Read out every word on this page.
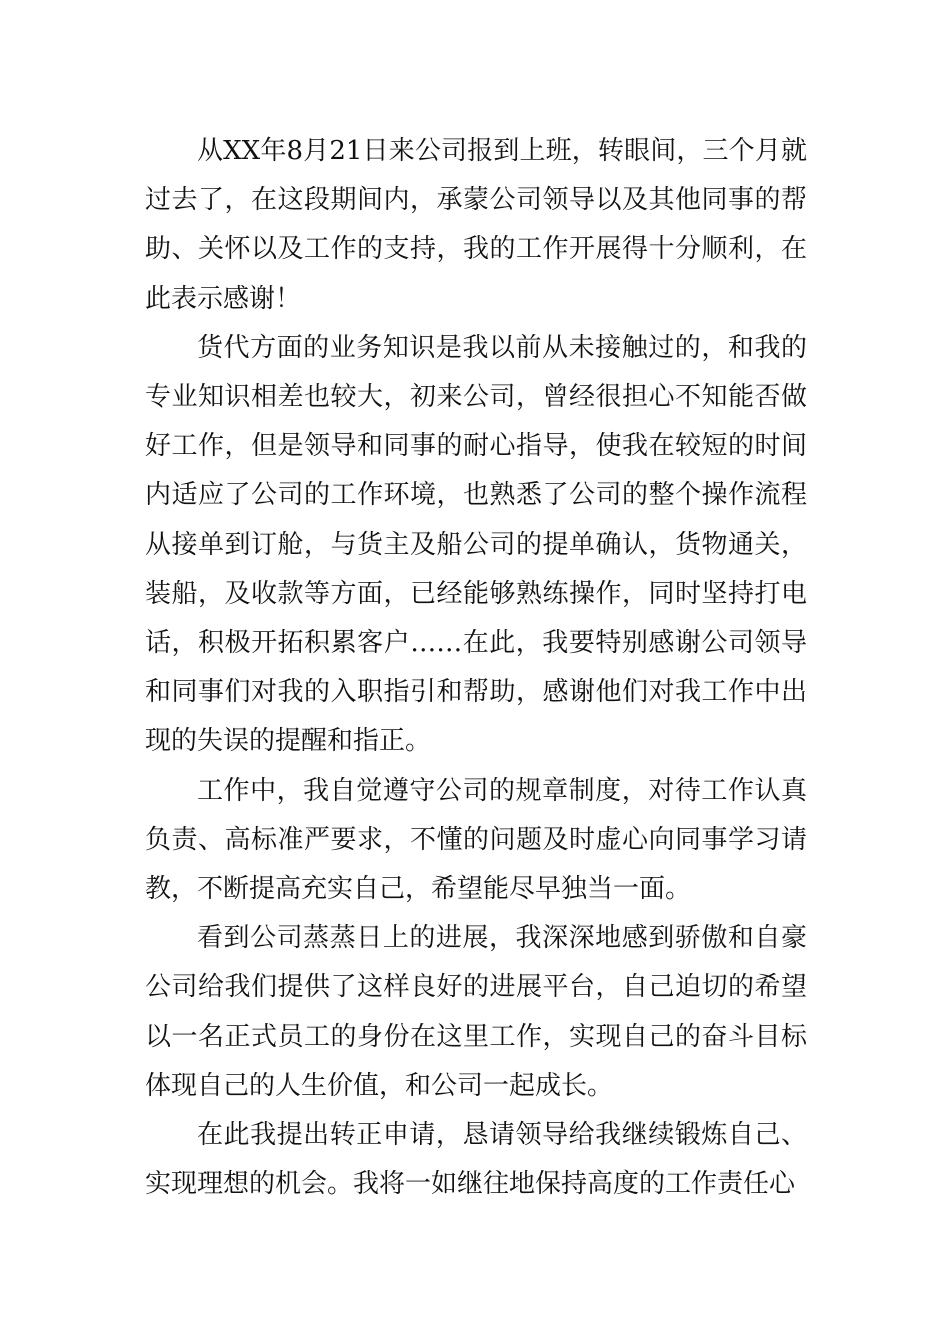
从XX年8月21日来公司报到上班，转眼间，三个月就过去了，在这段期间内，承蒙公司领导以及其他同事的帮助、关怀以及工作的支持，我的工作开展得十分顺利，在此表示感谢！

货代方面的业务知识是我以前从未接触过的，和我的专业知识相差也较大，初来公司，曾经很担心不知能否做好工作，但是领导和同事的耐心指导，使我在较短的时间内适应了公司的工作环境，也熟悉了公司的整个操作流程从接单到订舱，与货主及船公司的提单确认，货物通关，装船，及收款等方面，已经能够熟练操作，同时坚持打电话，积极开拓积累客户……在此，我要特别感谢公司领导和同事们对我的入职指引和帮助，感谢他们对我工作中出现的失误的提醒和指正。

工作中，我自觉遵守公司的规章制度，对待工作认真负责、高标准严要求，不懂的问题及时虚心向同事学习请教，不断提高充实自己，希望能尽早独当一面。

看到公司蒸蒸日上的进展，我深深地感到骄傲和自豪公司给我们提供了这样良好的进展平台，自己迫切的希望以一名正式员工的身份在这里工作，实现自己的奋斗目标体现自己的人生价值，和公司一起成长。

在此我提出转正申请，恳请领导给我继续锻炼自己、实现理想的机会。我将一如继往地保持高度的工作责任心
